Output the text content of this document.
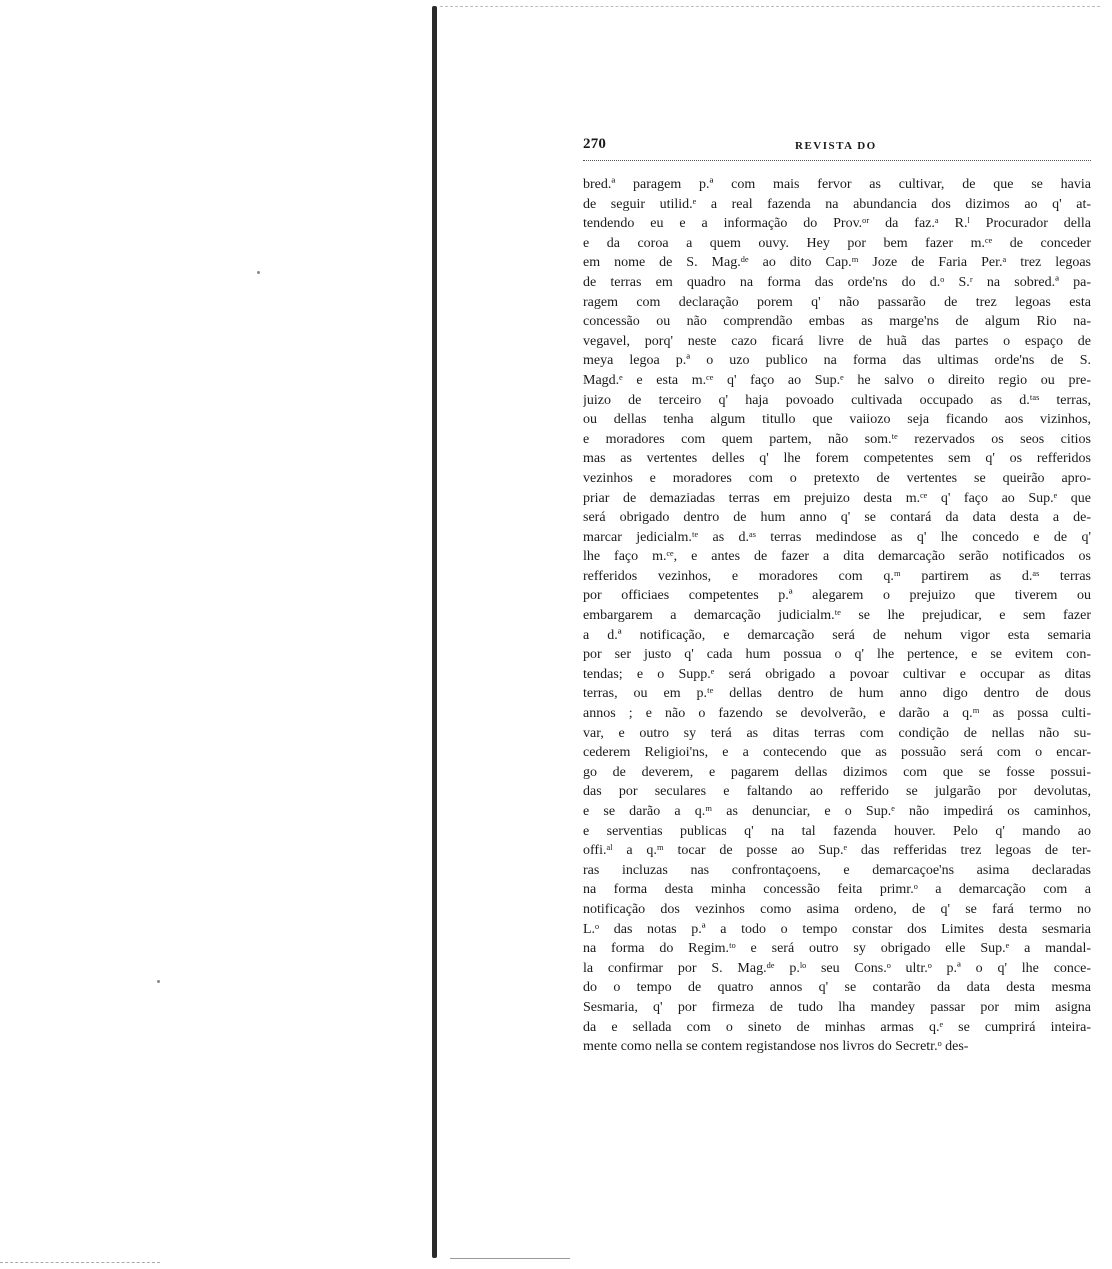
270	REVISTA DO
bred.ª paragem p.ª com mais fervor as cultivar, de que se havia
de seguir utilid.ᵉ a real fazenda na abundancia dos dizimos ao q' at-
tendendo eu e a informação do Prov.ᵒʳ da faz.ᵃ R.ˡ Procurador della
e da coroa a quem ouvy. Hey por bem fazer m.ᶜᵉ de conceder
em nome de S. Mag.ᵈᵉ ao dito Cap.ᵐ Joze de Faria Per.ᵃ trez legoas
de terras em quadro na forma das orde'ns do d.ᵒ S.ʳ na sobred.ª pa-
ragem com declaração porem q' não passarão de trez legoas esta
concessão ou não comprendão embas as marge'ns de algum Rio na-
vegavel, porq' neste cazo ficará livre de huã das partes o espaço de
meya legoa p.ª o uzo publico na forma das ultimas orde'ns de S.
Magd.ᵉ e esta m.ᶜᵉ q' faço ao Sup.ᵉ he salvo o direito regio ou pre-
juizo de terceiro q' haja povoado cultivada occupado as d.ᵗᵃˢ terras,
ou dellas tenha algum titullo que vaiiozo seja ficando aos vizinhos,
e moradores com quem partem, não som.ᵗᵉ rezervados os seos citios
mas as vertentes delles q' lhe forem competentes sem q' os refferidos
vezinhos e moradores com o pretexto de vertentes se queirão apro-
priar de demaziadas terras em prejuizo desta m.ᶜᵉ q' faço ao Sup.ᵉ que
será obrigado dentro de hum anno q' se contará da data desta a de-
marcar jedicialm.ᵗᵉ as d.ᵃˢ terras medindose as q' lhe concedo e de q'
lhe faço m.ᶜᵉ, e antes de fazer a dita demarcação serão notificados os
refferidos vezinhos, e moradores com q.ᵐ partirem as d.ᵃˢ terras
por officiaes competentes p.ª alegarem o prejuizo que tiverem ou
embargarem a demarcação judicialm.ᵗᵉ se lhe prejudicar, e sem fazer
a d.ª notificação, e demarcação será de nehum vigor esta semaria
por ser justo q' cada hum possua o q' lhe pertence, e se evitem con-
tendas; e o Supp.ᵉ será obrigado a povoar cultivar e occupar as ditas
terras, ou em p.ᵗᵉ dellas dentro de hum anno digo dentro de dous
annos ; e não o fazendo se devolverão, e darão a q.ᵐ as possa culti-
var, e outro sy terá as ditas terras com condição de nellas não su-
cederem Religioi'ns, e a contecendo que as possuão será com o encar-
go de deverem, e pagarem dellas dizimos com que se fosse possui-
das por seculares e faltando ao refferido se julgarão por devolutas,
e se darão a q.ᵐ as denunciar, e o Sup.ᵉ não impedirá os caminhos,
e serventias publicas q' na tal fazenda houver. Pelo q' mando ao
offi.ᵃˡ a q.ᵐ tocar de posse ao Sup.ᵉ das refferidas trez legoas de ter-
ras incluzas nas confrontaçoens, e demarcaçoe'ns asima declaradas
na forma desta minha concessão feita primr.ᵒ a demarcação com a
notificação dos vezinhos como asima ordeno, de q' se fará termo no
L.ᵒ das notas p.ª a todo o tempo constar dos Limites desta sesmaria
na forma do Regim.ᵗᵒ e será outro sy obrigado elle Sup.ᵉ a mandal-
la confirmar por S. Mag.ᵈᵉ p.ˡᵒ seu Cons.ᵒ ultr.ᵒ p.ª o q' lhe conce-
do o tempo de quatro annos q' se contarão da data desta mesma
Sesmaria, q' por firmeza de tudo lha mandey passar por mim asigna
da e sellada com o sineto de minhas armas q.ᵉ se cumprirá inteira-
mente como nella se contem registandose nos livros do Secretr.ᵒ des-
